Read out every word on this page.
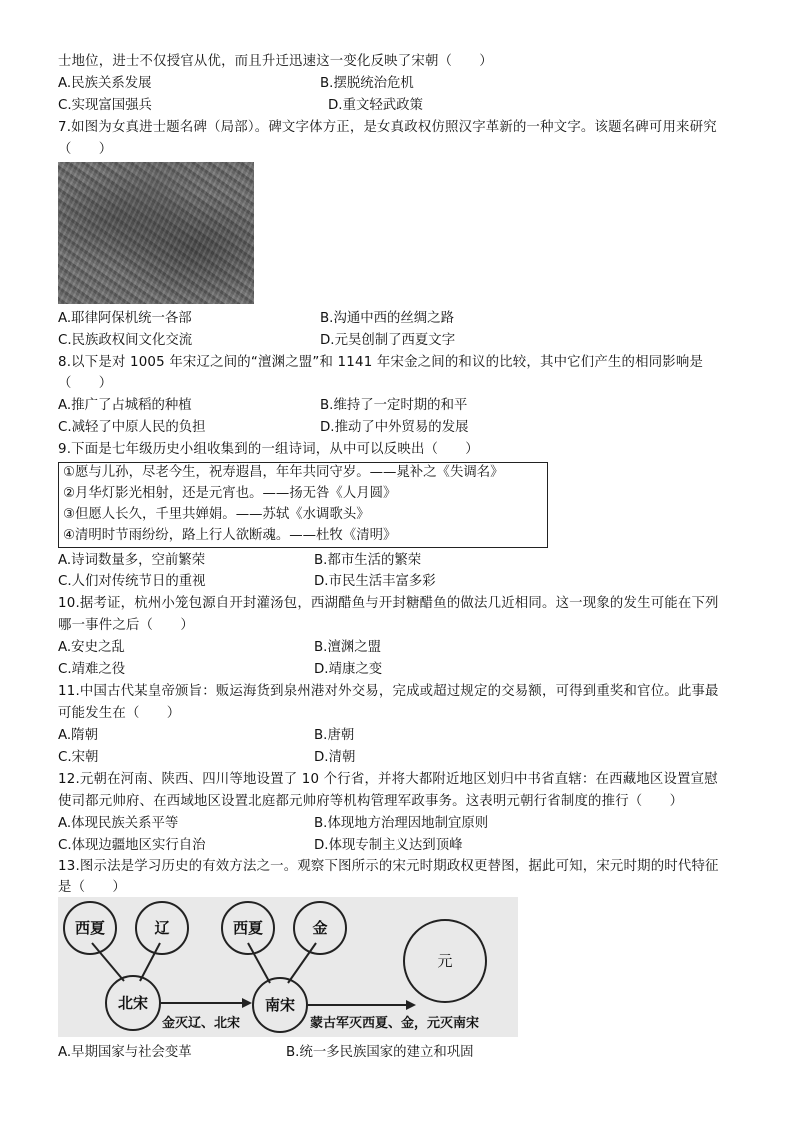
士地位，进士不仅授官从优，而且升迁迅速这一变化反映了宋朝（　　）
A.民族关系发展	B.摆脱统治危机
C.实现富国强兵	D.重文轻武政策
7.如图为女真进士题名碑（局部）。碑文字体方正，是女真政权仿照汉字革新的一种文字。该题名碑可用来研究
（　　）
A.耶律阿保机统一各部	B.沟通中西的丝绸之路
C.民族政权间文化交流	D.元昊创制了西夏文字
8.以下是对 1005 年宋辽之间的“澶渊之盟”和 1141 年宋金之间的和议的比较，其中它们产生的相同影响是
（　　）
A.推广了占城稻的种植	B.维持了一定时期的和平
C.减轻了中原人民的负担	D.推动了中外贸易的发展
9.下面是七年级历史小组收集到的一组诗词，从中可以反映出（　　）
A.诗词数量多，空前繁荣	B.都市生活的繁荣
C.人们对传统节日的重视	D.市民生活丰富多彩
10.据考证，杭州小笼包源自开封灌汤包，西湖醋鱼与开封糖醋鱼的做法几近相同。这一现象的发生可能在下列
哪一事件之后（　　）
A.安史之乱	B.澶渊之盟
C.靖难之役	D.靖康之变
11.中国古代某皇帝颁旨：贩运海货到泉州港对外交易，完成或超过规定的交易额，可得到重奖和官位。此事最
可能发生在（　　）
A.隋朝	B.唐朝
C.宋朝	D.清朝
12.元朝在河南、陕西、四川等地设置了 10 个行省，并将大都附近地区划归中书省直辖：在西藏地区设置宣慰
使司都元帅府、在西域地区设置北庭都元帅府等机构管理军政事务。这表明元朝行省制度的推行（　　）
A.体现民族关系平等	B.体现地方治理因地制宜原则
C.体现边疆地区实行自治	D.体现专制主义达到顶峰
13.图示法是学习历史的有效方法之一。观察下图所示的宋元时期政权更替图，据此可知，宋元时期的时代特征
是（　　）
A.早期国家与社会变革	B.统一多民族国家的建立和巩固
①愿与儿孙，尽老今生，祝寿遐昌，年年共同守岁。——晁补之《失调名》
②月华灯影光相射，还是元宵也。——扬无咎《人月圆》
③但愿人长久，千里共婵娟。——苏轼《水调歌头》
④清明时节雨纷纷，路上行人欲断魂。——杜牧《清明》
西夏	辽
北宋
西夏	金
南宋
元
金灭辽、北宋	蒙古军灭西夏、金，元灭南宋
